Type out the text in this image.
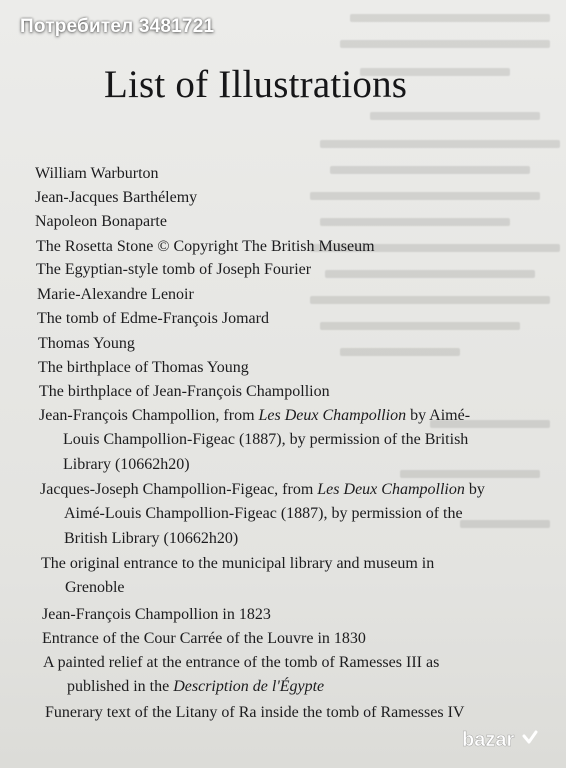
Потребител 3481721
List of Illustrations
William Warburton
Jean-Jacques Barthélemy
Napoleon Bonaparte
The Rosetta Stone © Copyright The British Museum
The Egyptian-style tomb of Joseph Fourier
Marie-Alexandre Lenoir
The tomb of Edme-François Jomard
Thomas Young
The birthplace of Thomas Young
The birthplace of Jean-François Champollion
Jean-François Champollion, from Les Deux Champollion by Aimé-
Louis Champollion-Figeac (1887), by permission of the British
Library (10662h20)
Jacques-Joseph Champollion-Figeac, from Les Deux Champollion by
Aimé-Louis Champollion-Figeac (1887), by permission of the
British Library (10662h20)
The original entrance to the municipal library and museum in
Grenoble
Jean-François Champollion in 1823
Entrance of the Cour Carrée of the Louvre in 1830
A painted relief at the entrance of the tomb of Ramesses III as
published in the Description de l'Égypte
Funerary text of the Litany of Ra inside the tomb of Ramesses IV
bazar
